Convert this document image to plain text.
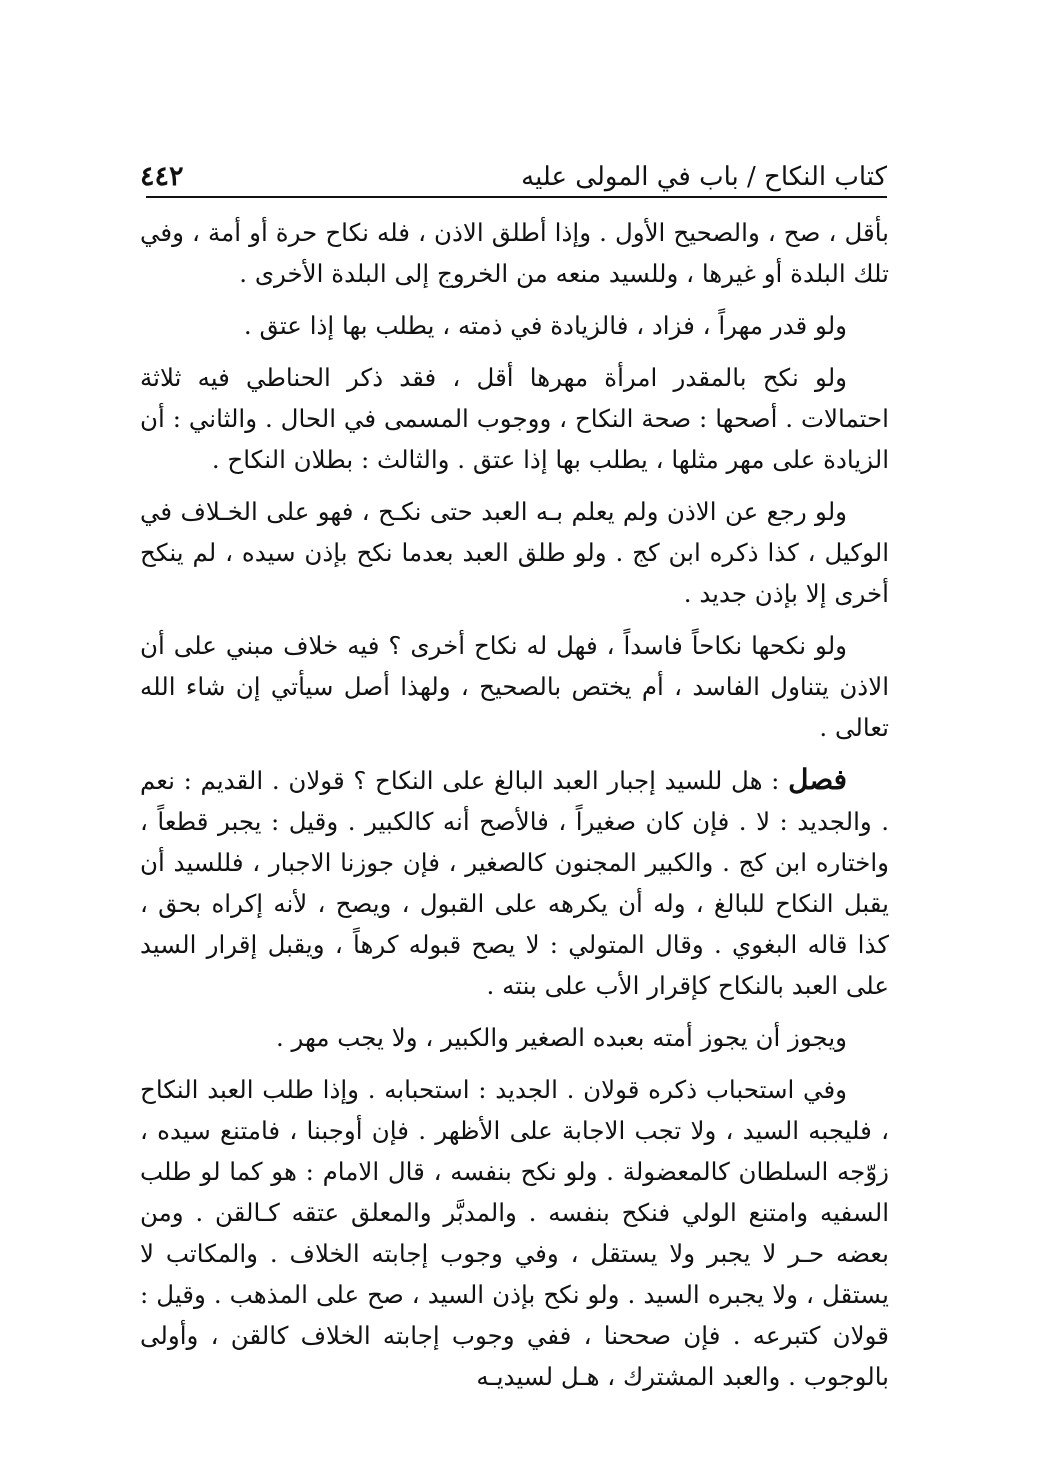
٤٤٢	كتاب النكاح / باب في المولى عليه

بأقل ، صح ، والصحيح الأول . وإذا أطلق الاذن ، فله نكاح حرة أو أمة ، وفي تلك البلدة أو غيرها ، وللسيد منعه من الخروج إلى البلدة الأخرى .

ولو قدر مهراً ، فزاد ، فالزيادة في ذمته ، يطلب بها إذا عتق .

ولو نكح بالمقدر امرأة مهرها أقل ، فقد ذكر الحناطي فيه ثلاثة احتمالات . أصحها : صحة النكاح ، ووجوب المسمى في الحال . والثاني : أن الزيادة على مهر مثلها ، يطلب بها إذا عتق . والثالث : بطلان النكاح .

ولو رجع عن الاذن ولم يعلم بـه العبد حتى نكـح ، فهو على الخـلاف في الوكيل ، كذا ذكره ابن كج . ولو طلق العبد بعدما نكح بإذن سيده ، لم ينكح أخرى إلا بإذن جديد .

ولو نكحها نكاحاً فاسداً ، فهل له نكاح أخرى ؟ فيه خلاف مبني على أن الاذن يتناول الفاسد ، أم يختص بالصحيح ، ولهذا أصل سيأتي إن شاء الله تعالى .

فصل : هل للسيد إجبار العبد البالغ على النكاح ؟ قولان . القديم : نعم . والجديد : لا . فإن كان صغيراً ، فالأصح أنه كالكبير . وقيل : يجبر قطعاً ، واختاره ابن كج . والكبير المجنون كالصغير ، فإن جوزنا الاجبار ، فللسيد أن يقبل النكاح للبالغ ، وله أن يكرهه على القبول ، ويصح ، لأنه إكراه بحق ، كذا قاله البغوي . وقال المتولي : لا يصح قبوله كرهاً ، ويقبل إقرار السيد على العبد بالنكاح كإقرار الأب على بنته .

ويجوز أن يجوز أمته بعبده الصغير والكبير ، ولا يجب مهر .

وفي استحباب ذكره قولان . الجديد : استحبابه . وإذا طلب العبد النكاح ، فليجبه السيد ، ولا تجب الاجابة على الأظهر . فإن أوجبنا ، فامتنع سيده ، زوّجه السلطان كالمعضولة . ولو نكح بنفسه ، قال الامام : هو كما لو طلب السفيه وامتنع الولي فنكح بنفسه . والمدبَّر والمعلق عتقه كـالقن . ومن بعضه حـر لا يجبر ولا يستقل ، وفي وجوب إجابته الخلاف . والمكاتب لا يستقل ، ولا يجبره السيد . ولو نكح بإذن السيد ، صح على المذهب . وقيل : قولان كتبرعه . فإن صححنا ، ففي وجوب إجابته الخلاف كالقن ، وأولى بالوجوب . والعبد المشترك ، هـل لسيديـه
